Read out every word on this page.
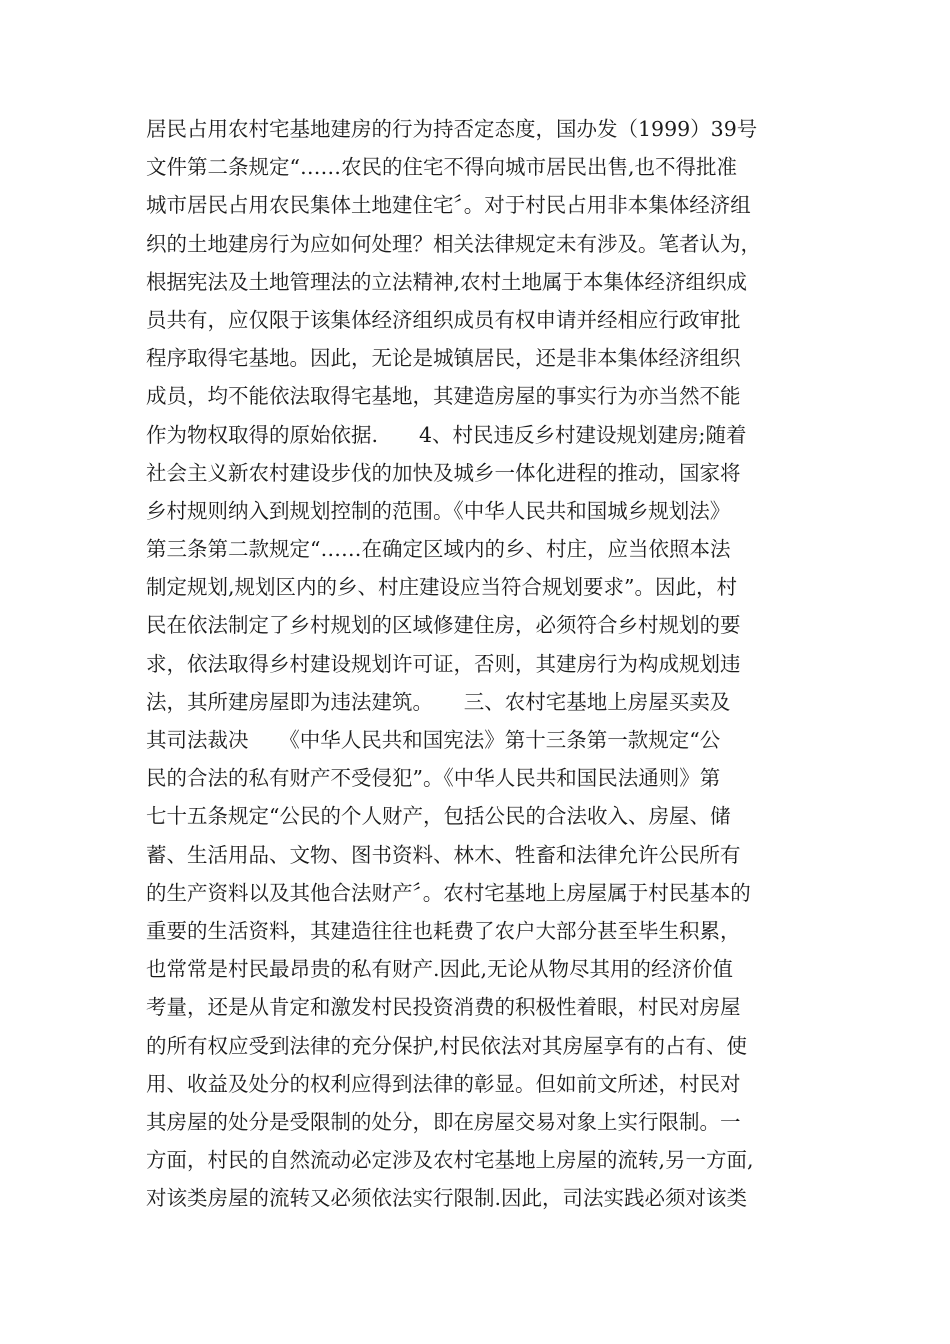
居民占用农村宅基地建房的行为持否定态度，国办发（1999）39号
文件第二条规定“……农民的住宅不得向城市居民出售,也不得批准
城市居民占用农民集体土地建住宅〞。对于村民占用非本集体经济组
织的土地建房行为应如何处理？相关法律规定未有涉及。笔者认为，
根据宪法及土地管理法的立法精神,农村土地属于本集体经济组织成
员共有，应仅限于该集体经济组织成员有权申请并经相应行政审批
程序取得宅基地。因此，无论是城镇居民，还是非本集体经济组织
成员，均不能依法取得宅基地，其建造房屋的事实行为亦当然不能
作为物权取得的原始依据.　　4、村民违反乡村建设规划建房;随着
社会主义新农村建设步伐的加快及城乡一体化进程的推动，国家将
乡村规则纳入到规划控制的范围。《中华人民共和国城乡规划法》
第三条第二款规定“……在确定区域内的乡、村庄，应当依照本法
制定规划,规划区内的乡、村庄建设应当符合规划要求”。因此，村
民在依法制定了乡村规划的区域修建住房，必须符合乡村规划的要
求，依法取得乡村建设规划许可证，否则，其建房行为构成规划违
法，其所建房屋即为违法建筑。　　三、农村宅基地上房屋买卖及
其司法裁决　　《中华人民共和国宪法》第十三条第一款规定“公
民的合法的私有财产不受侵犯”。《中华人民共和国民法通则》第
七十五条规定“公民的个人财产，包括公民的合法收入、房屋、储
蓄、生活用品、文物、图书资料、林木、牲畜和法律允许公民所有
的生产资料以及其他合法财产〞。农村宅基地上房屋属于村民基本的
重要的生活资料，其建造往往也耗费了农户大部分甚至毕生积累，
也常常是村民最昂贵的私有财产.因此,无论从物尽其用的经济价值
考量，还是从肯定和激发村民投资消费的积极性着眼，村民对房屋
的所有权应受到法律的充分保护,村民依法对其房屋享有的占有、使
用、收益及处分的权利应得到法律的彰显。但如前文所述，村民对
其房屋的处分是受限制的处分，即在房屋交易对象上实行限制。一
方面，村民的自然流动必定涉及农村宅基地上房屋的流转,另一方面,
对该类房屋的流转又必须依法实行限制.因此，司法实践必须对该类
